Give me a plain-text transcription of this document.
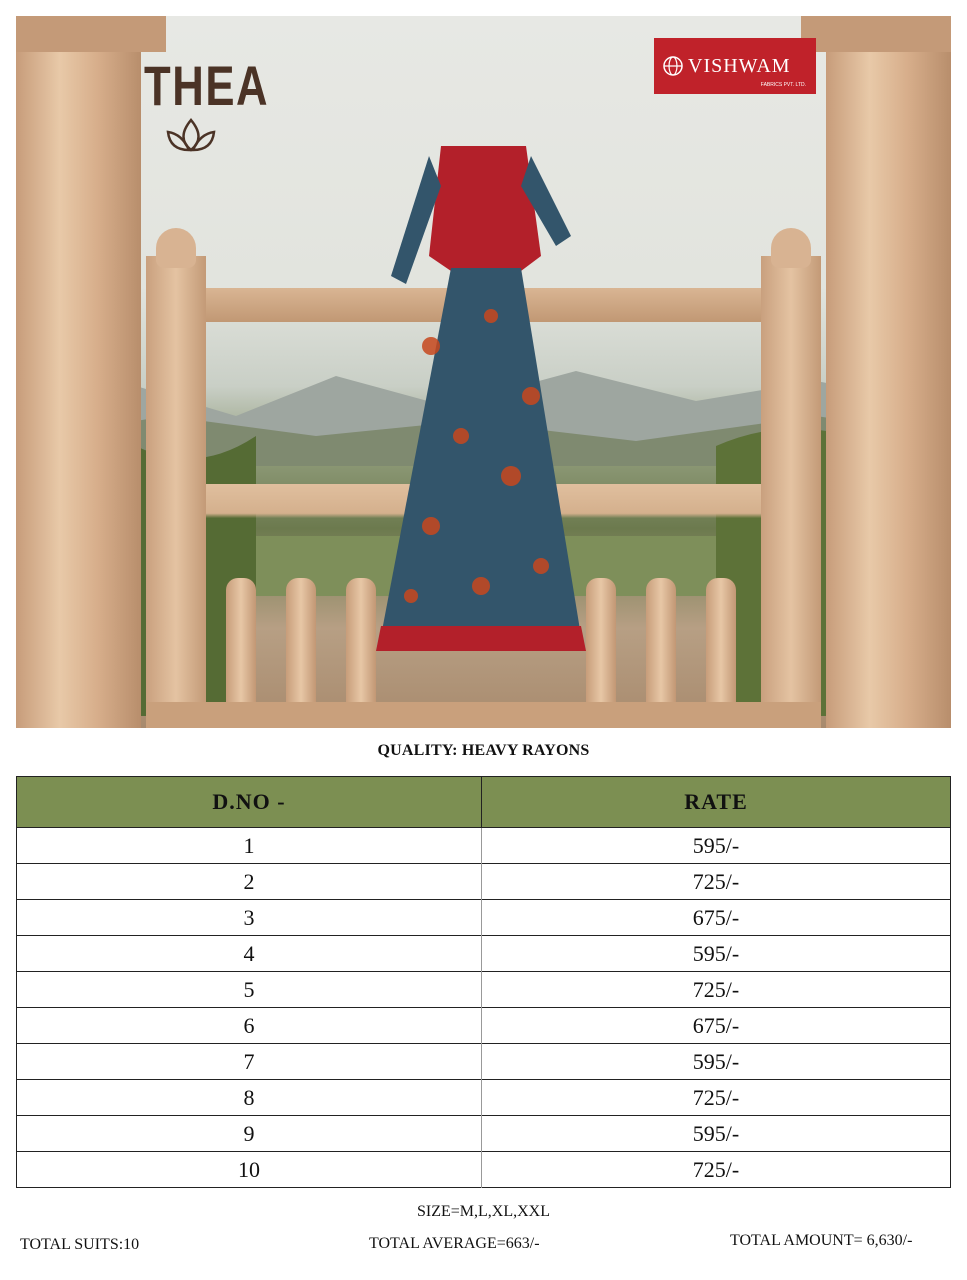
THEA	VISHWAM
FABRICS PVT. LTD.
QUALITY: HEAVY RAYONS
D.NO -	RATE
1	595/-
2	725/-
3	675/-
4	595/-
5	725/-
6	675/-
7	595/-
8	725/-
9	595/-
10	725/-
SIZE=M,L,XL,XXL
TOTAL SUITS:10	TOTAL AVERAGE=663/-	TOTAL AMOUNT= 6,630/-
